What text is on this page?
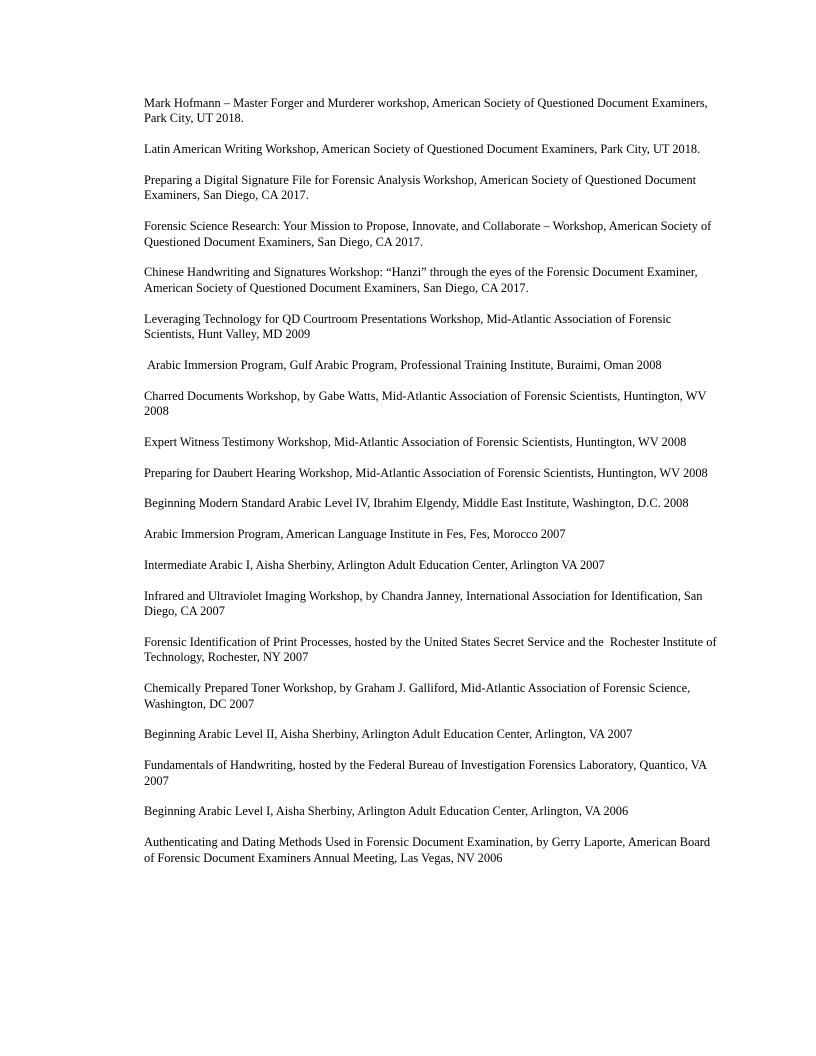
Mark Hofmann – Master Forger and Murderer workshop, American Society of Questioned Document Examiners, Park City, UT 2018.

Latin American Writing Workshop, American Society of Questioned Document Examiners, Park City, UT 2018.

Preparing a Digital Signature File for Forensic Analysis Workshop, American Society of Questioned Document Examiners, San Diego, CA 2017.

Forensic Science Research: Your Mission to Propose, Innovate, and Collaborate – Workshop, American Society of Questioned Document Examiners, San Diego, CA 2017.

Chinese Handwriting and Signatures Workshop: “Hanzi” through the eyes of the Forensic Document Examiner, American Society of Questioned Document Examiners, San Diego, CA 2017.

Leveraging Technology for QD Courtroom Presentations Workshop, Mid-Atlantic Association of Forensic Scientists, Hunt Valley, MD 2009

Arabic Immersion Program, Gulf Arabic Program, Professional Training Institute, Buraimi, Oman 2008

Charred Documents Workshop, by Gabe Watts, Mid-Atlantic Association of Forensic Scientists, Huntington, WV 2008

Expert Witness Testimony Workshop, Mid-Atlantic Association of Forensic Scientists, Huntington, WV 2008

Preparing for Daubert Hearing Workshop, Mid-Atlantic Association of Forensic Scientists, Huntington, WV 2008

Beginning Modern Standard Arabic Level IV, Ibrahim Elgendy, Middle East Institute, Washington, D.C. 2008

Arabic Immersion Program, American Language Institute in Fes, Fes, Morocco 2007

Intermediate Arabic I, Aisha Sherbiny, Arlington Adult Education Center, Arlington VA 2007

Infrared and Ultraviolet Imaging Workshop, by Chandra Janney, International Association for Identification, San Diego, CA 2007

Forensic Identification of Print Processes, hosted by the United States Secret Service and the  Rochester Institute of Technology, Rochester, NY 2007

Chemically Prepared Toner Workshop, by Graham J. Galliford, Mid-Atlantic Association of Forensic Science, Washington, DC 2007

Beginning Arabic Level II, Aisha Sherbiny, Arlington Adult Education Center, Arlington, VA 2007

Fundamentals of Handwriting, hosted by the Federal Bureau of Investigation Forensics Laboratory, Quantico, VA 2007

Beginning Arabic Level I, Aisha Sherbiny, Arlington Adult Education Center, Arlington, VA 2006

Authenticating and Dating Methods Used in Forensic Document Examination, by Gerry Laporte, American Board of Forensic Document Examiners Annual Meeting, Las Vegas, NV 2006
